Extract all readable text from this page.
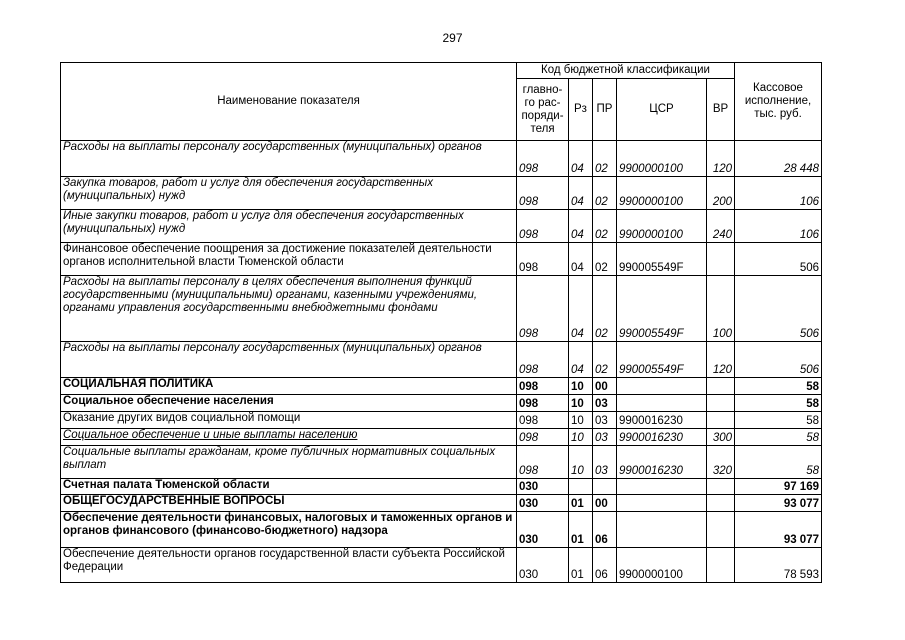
297
Наименование показателя	Код бюджетной классификации					Кассовое исполнение, тыс. руб.
	главно-го рас-поряди-теля	Рз	ПР	ЦСР	ВР	
Расходы на выплаты персоналу государственных (муниципальных) органов	098	04	02	9900000100	120	28 448
Закупка товаров, работ и услуг для обеспечения государственных (муниципальных) нужд	098	04	02	9900000100	200	106
Иные закупки товаров, работ и услуг для обеспечения государственных (муниципальных) нужд	098	04	02	9900000100	240	106
Финансовое обеспечение поощрения за достижение показателей деятельности органов исполнительной власти Тюменской области	098	04	02	990005549F		506
Расходы на выплаты персоналу в целях обеспечения выполнения функций государственными (муниципальными) органами, казенными учреждениями, органами управления государственными внебюджетными фондами	098	04	02	990005549F	100	506
Расходы на выплаты персоналу государственных (муниципальных) органов	098	04	02	990005549F	120	506
СОЦИАЛЬНАЯ ПОЛИТИКА	098	10	00			58
Социальное обеспечение населения	098	10	03			58
Оказание других видов социальной помощи	098	10	03	9900016230		58
Социальное обеспечение и иные выплаты населению	098	10	03	9900016230	300	58
Социальные выплаты гражданам, кроме публичных нормативных социальных выплат	098	10	03	9900016230	320	58
Счетная палата Тюменской области	030					97 169
ОБЩЕГОСУДАРСТВЕННЫЕ ВОПРОСЫ	030	01	00			93 077
Обеспечение деятельности финансовых, налоговых и таможенных органов и органов финансового (финансово-бюджетного) надзора	030	01	06			93 077
Обеспечение деятельности органов государственной власти субъекта Российской Федерации	030	01	06	9900000100		78 593
